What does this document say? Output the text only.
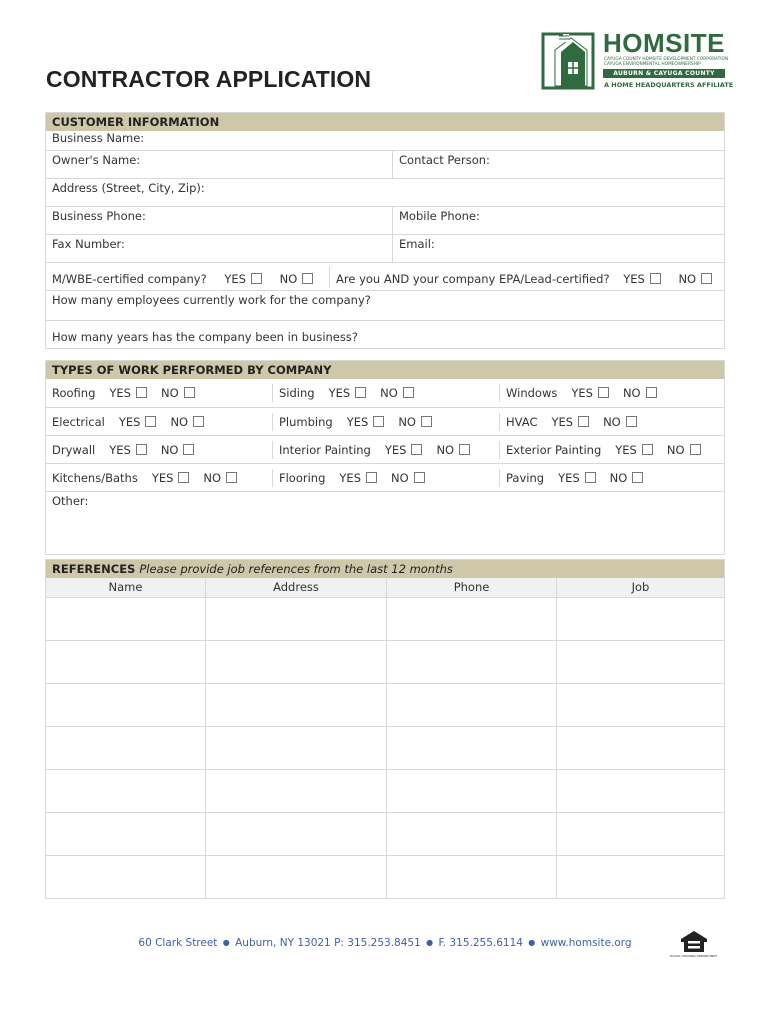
CONTRACTOR APPLICATION
HOMSITE
CAYUGA COUNTY HOMSITE DEVELOPMENT CORPORATION
CAYUGA ENVIRONMENTAL HOMEOWNERSHIP
AUBURN & CAYUGA COUNTY
A HOME HEADQUARTERS AFFILIATE
CUSTOMER INFORMATION
Business Name:
Owner's Name:	Contact Person:
Address (Street, City, Zip):
Business Phone:	Mobile Phone:
Fax Number:	Email:
M/WBE-certified company? YES	NO	Are you AND your company EPA/Lead-certified? YES	NO
How many employees currently work for the company?
How many years has the company been in business?
TYPES OF WORK PERFORMED BY COMPANY
Roofing YES	NO	Siding YES	NO	Windows YES	NO
Electrical YES	NO	Plumbing YES	NO	HVAC YES	NO
Drywall YES	NO	Interior Painting YES	NO	Exterior Painting YES	NO
Kitchens/Baths YES	NO	Flooring YES	NO	Paving YES	NO
Other:
REFERENCES Please provide job references from the last 12 months
Name	Address	Phone	Job
60 Clark Street ● Auburn, NY 13021 P: 315.253.8451 ● F. 315.255.6114 ● www.homsite.org
EQUAL HOUSING OPPORTUNITY
